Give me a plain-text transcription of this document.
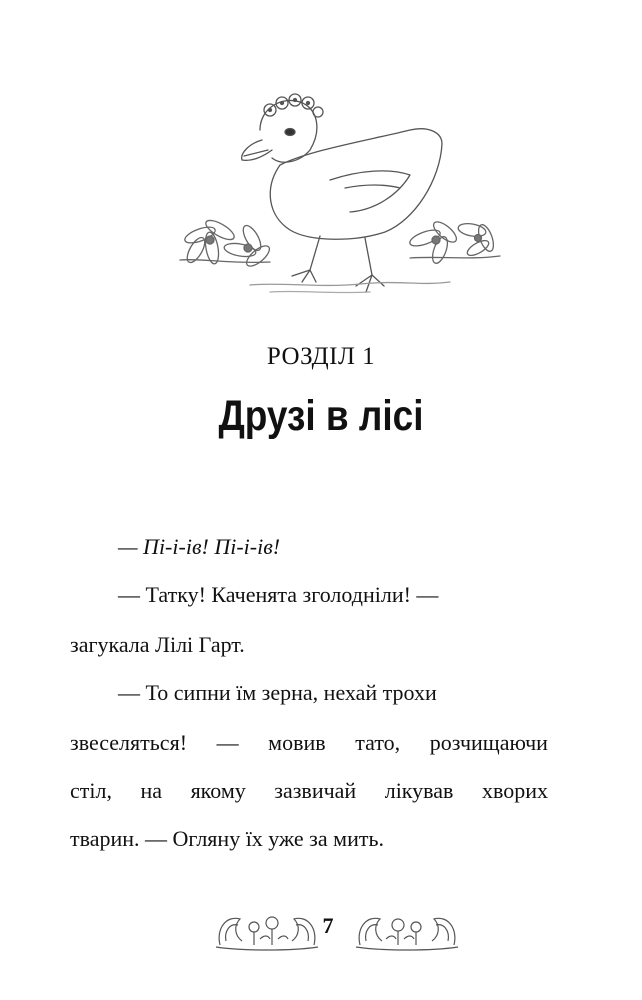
РОЗДІЛ 1
Друзі в лісі
— Пі-і-ів! Пі-і-ів!
— Татку! Каченята зголодніли! —
загукала Лілі Гарт.
— То сипни їм зерна, нехай трохи
звеселяться! — мовив тато, розчищаючи
стіл, на якому зазвичай лікував хворих
тварин. — Огляну їх уже за мить.
7
